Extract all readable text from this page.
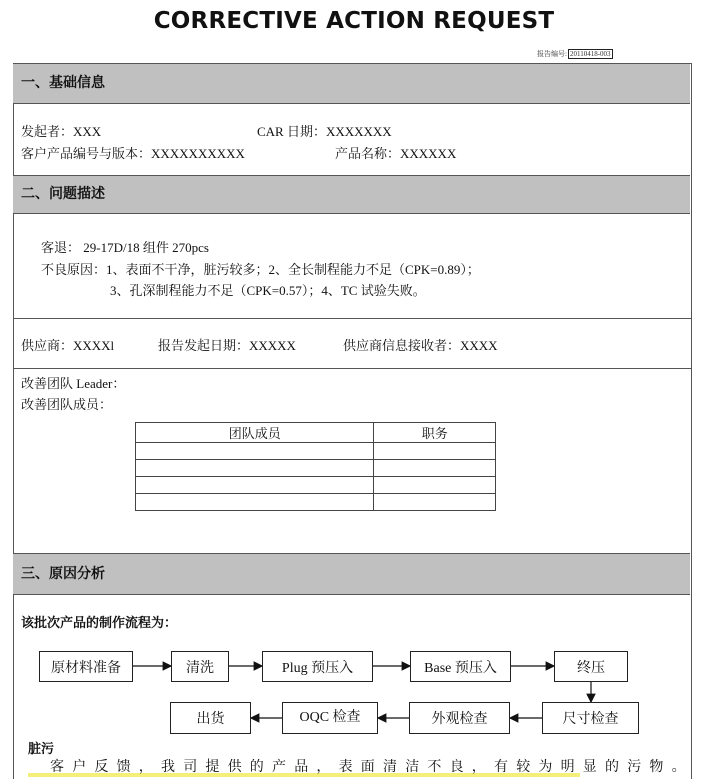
CORRECTIVE ACTION REQUEST
报告编号: 20110418-003
一、基础信息
发起者：XXX	CAR 日期：XXXXXXX
客户产品编号与版本：XXXXXXXXXX	产品名称：XXXXXX
二、问题描述
客退： 29-17D/18 组件 270pcs
不良原因：1、表面不干净，脏污较多；2、全长制程能力不足（CPK=0.89）；
3、孔深制程能力不足（CPK=0.57）；4、TC 试验失败。
供应商：XXXXl	报告发起日期：XXXXX	供应商信息接收者：XXXX
改善团队 Leader：
改善团队成员：
团队成员	职务

三、原因分析
该批次产品的制作流程为：
原材料准备	清洗	Plug 预压入	Base 预压入	终压
尺寸检查
外观检查
OQC 检查
出货
脏污
客户反馈，我司提供的产品，表面清洁不良，有较为明显的污物。
